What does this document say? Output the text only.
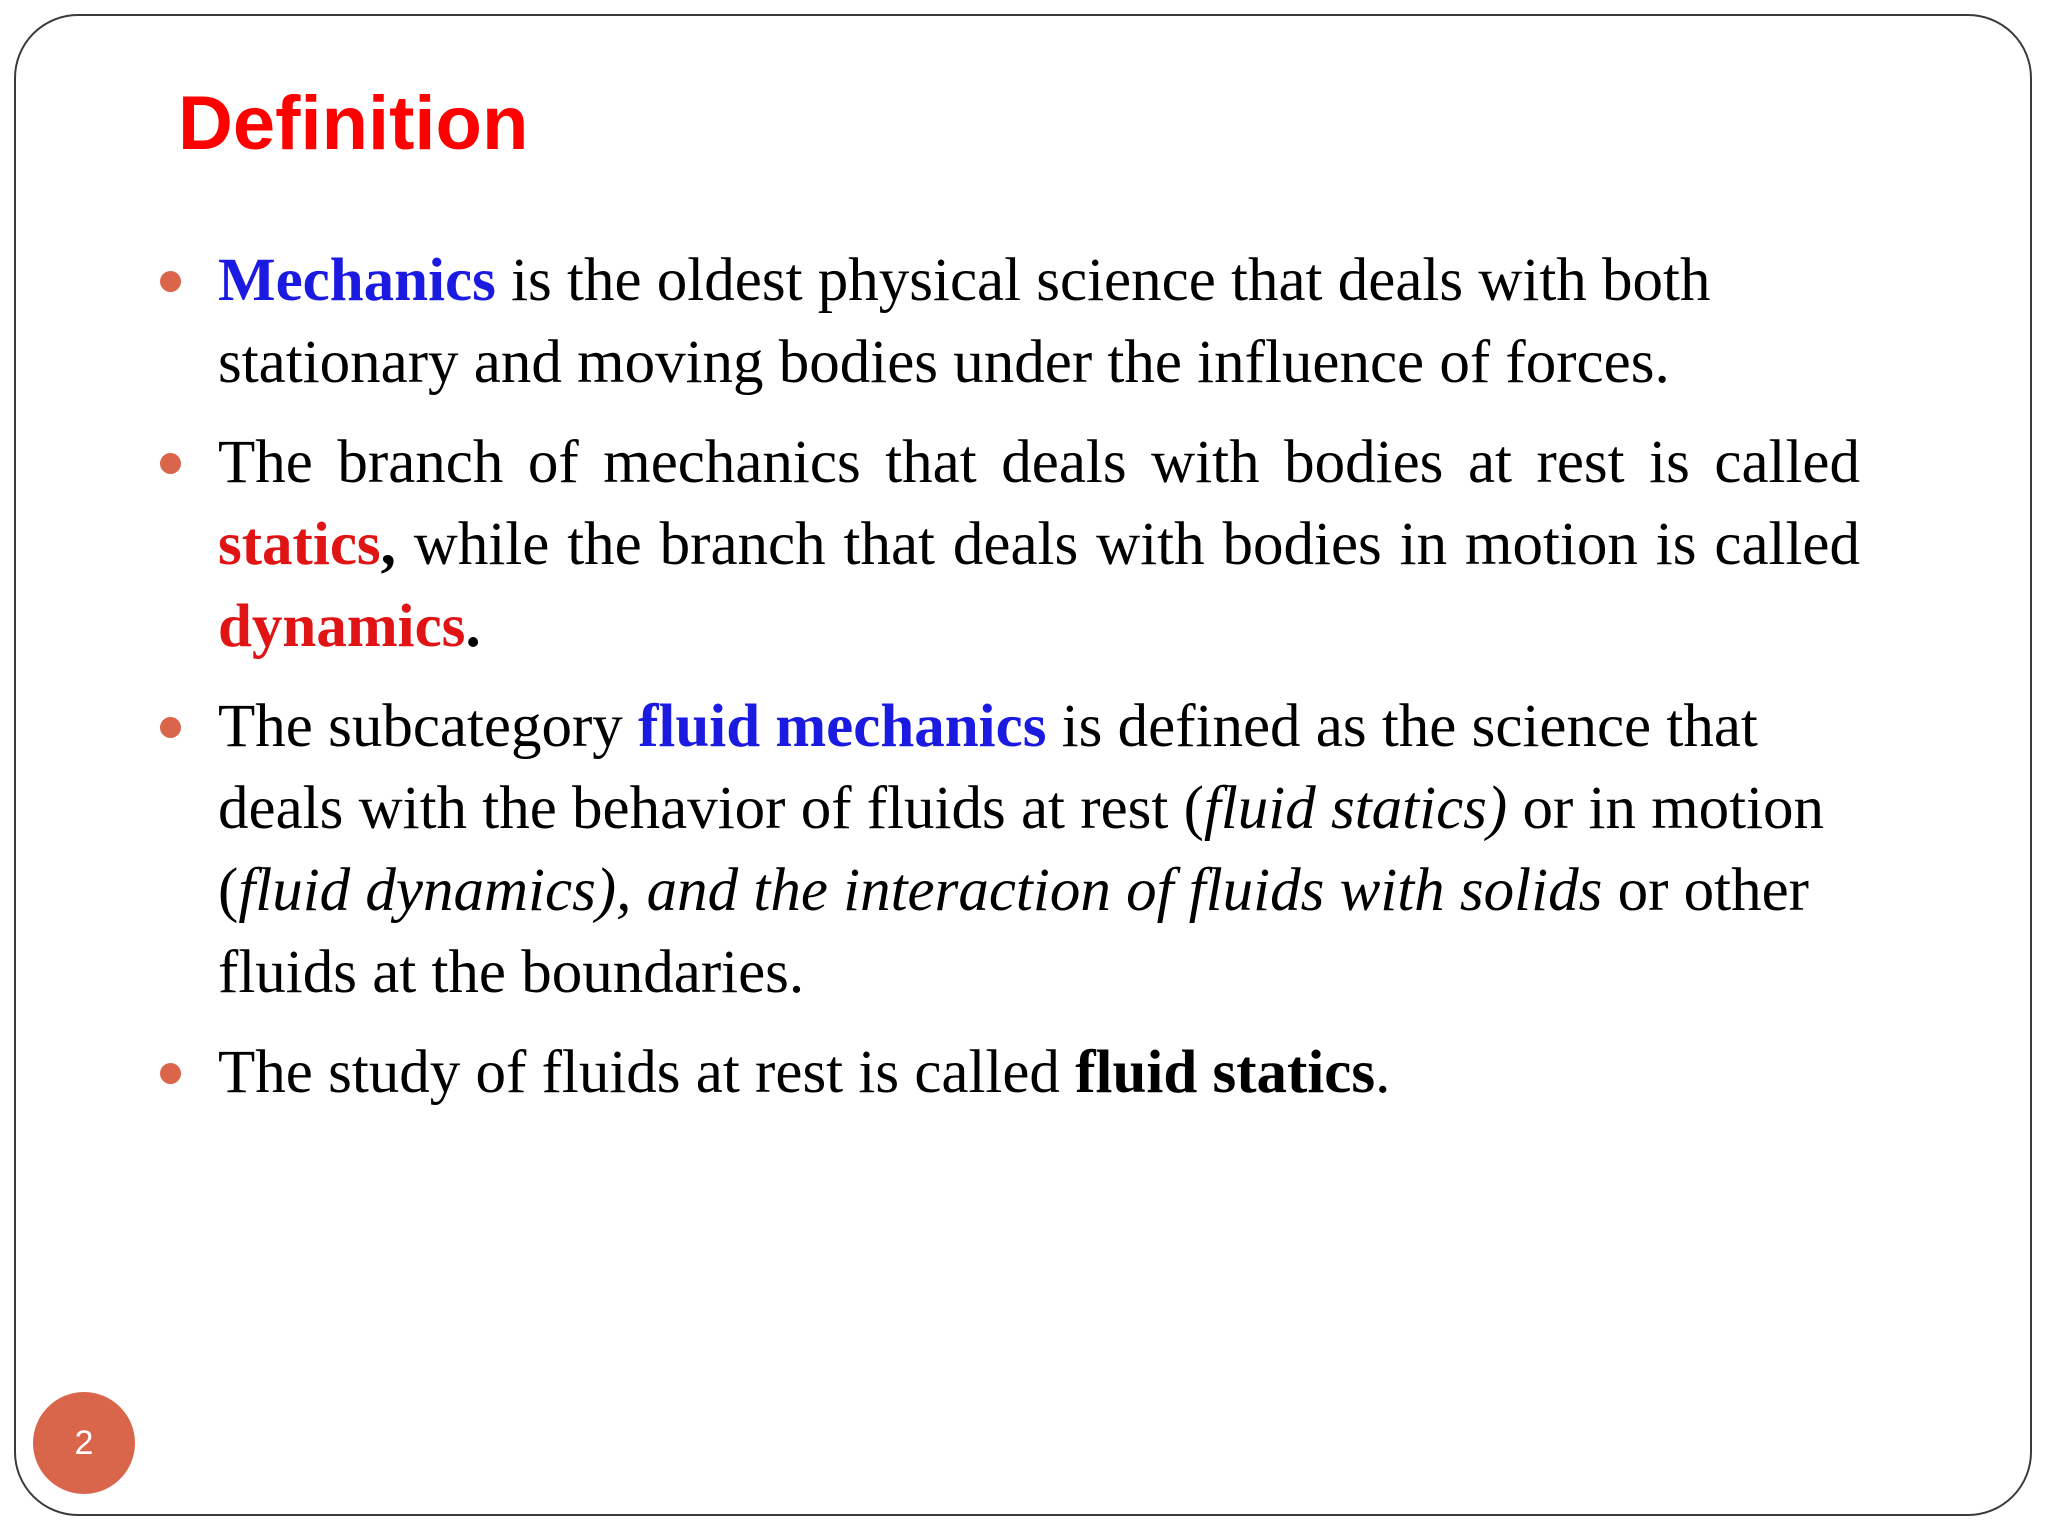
Definition
Mechanics is the oldest physical science that deals with both stationary and moving bodies under the influence of forces.
The branch of mechanics that deals with bodies at rest is called statics, while the branch that deals with bodies in motion is called dynamics.
The subcategory fluid mechanics is defined as the science that deals with the behavior of fluids at rest (fluid statics) or in motion (fluid dynamics), and the interaction of fluids with solids or other fluids at the boundaries.
The study of fluids at rest is called fluid statics.
2
